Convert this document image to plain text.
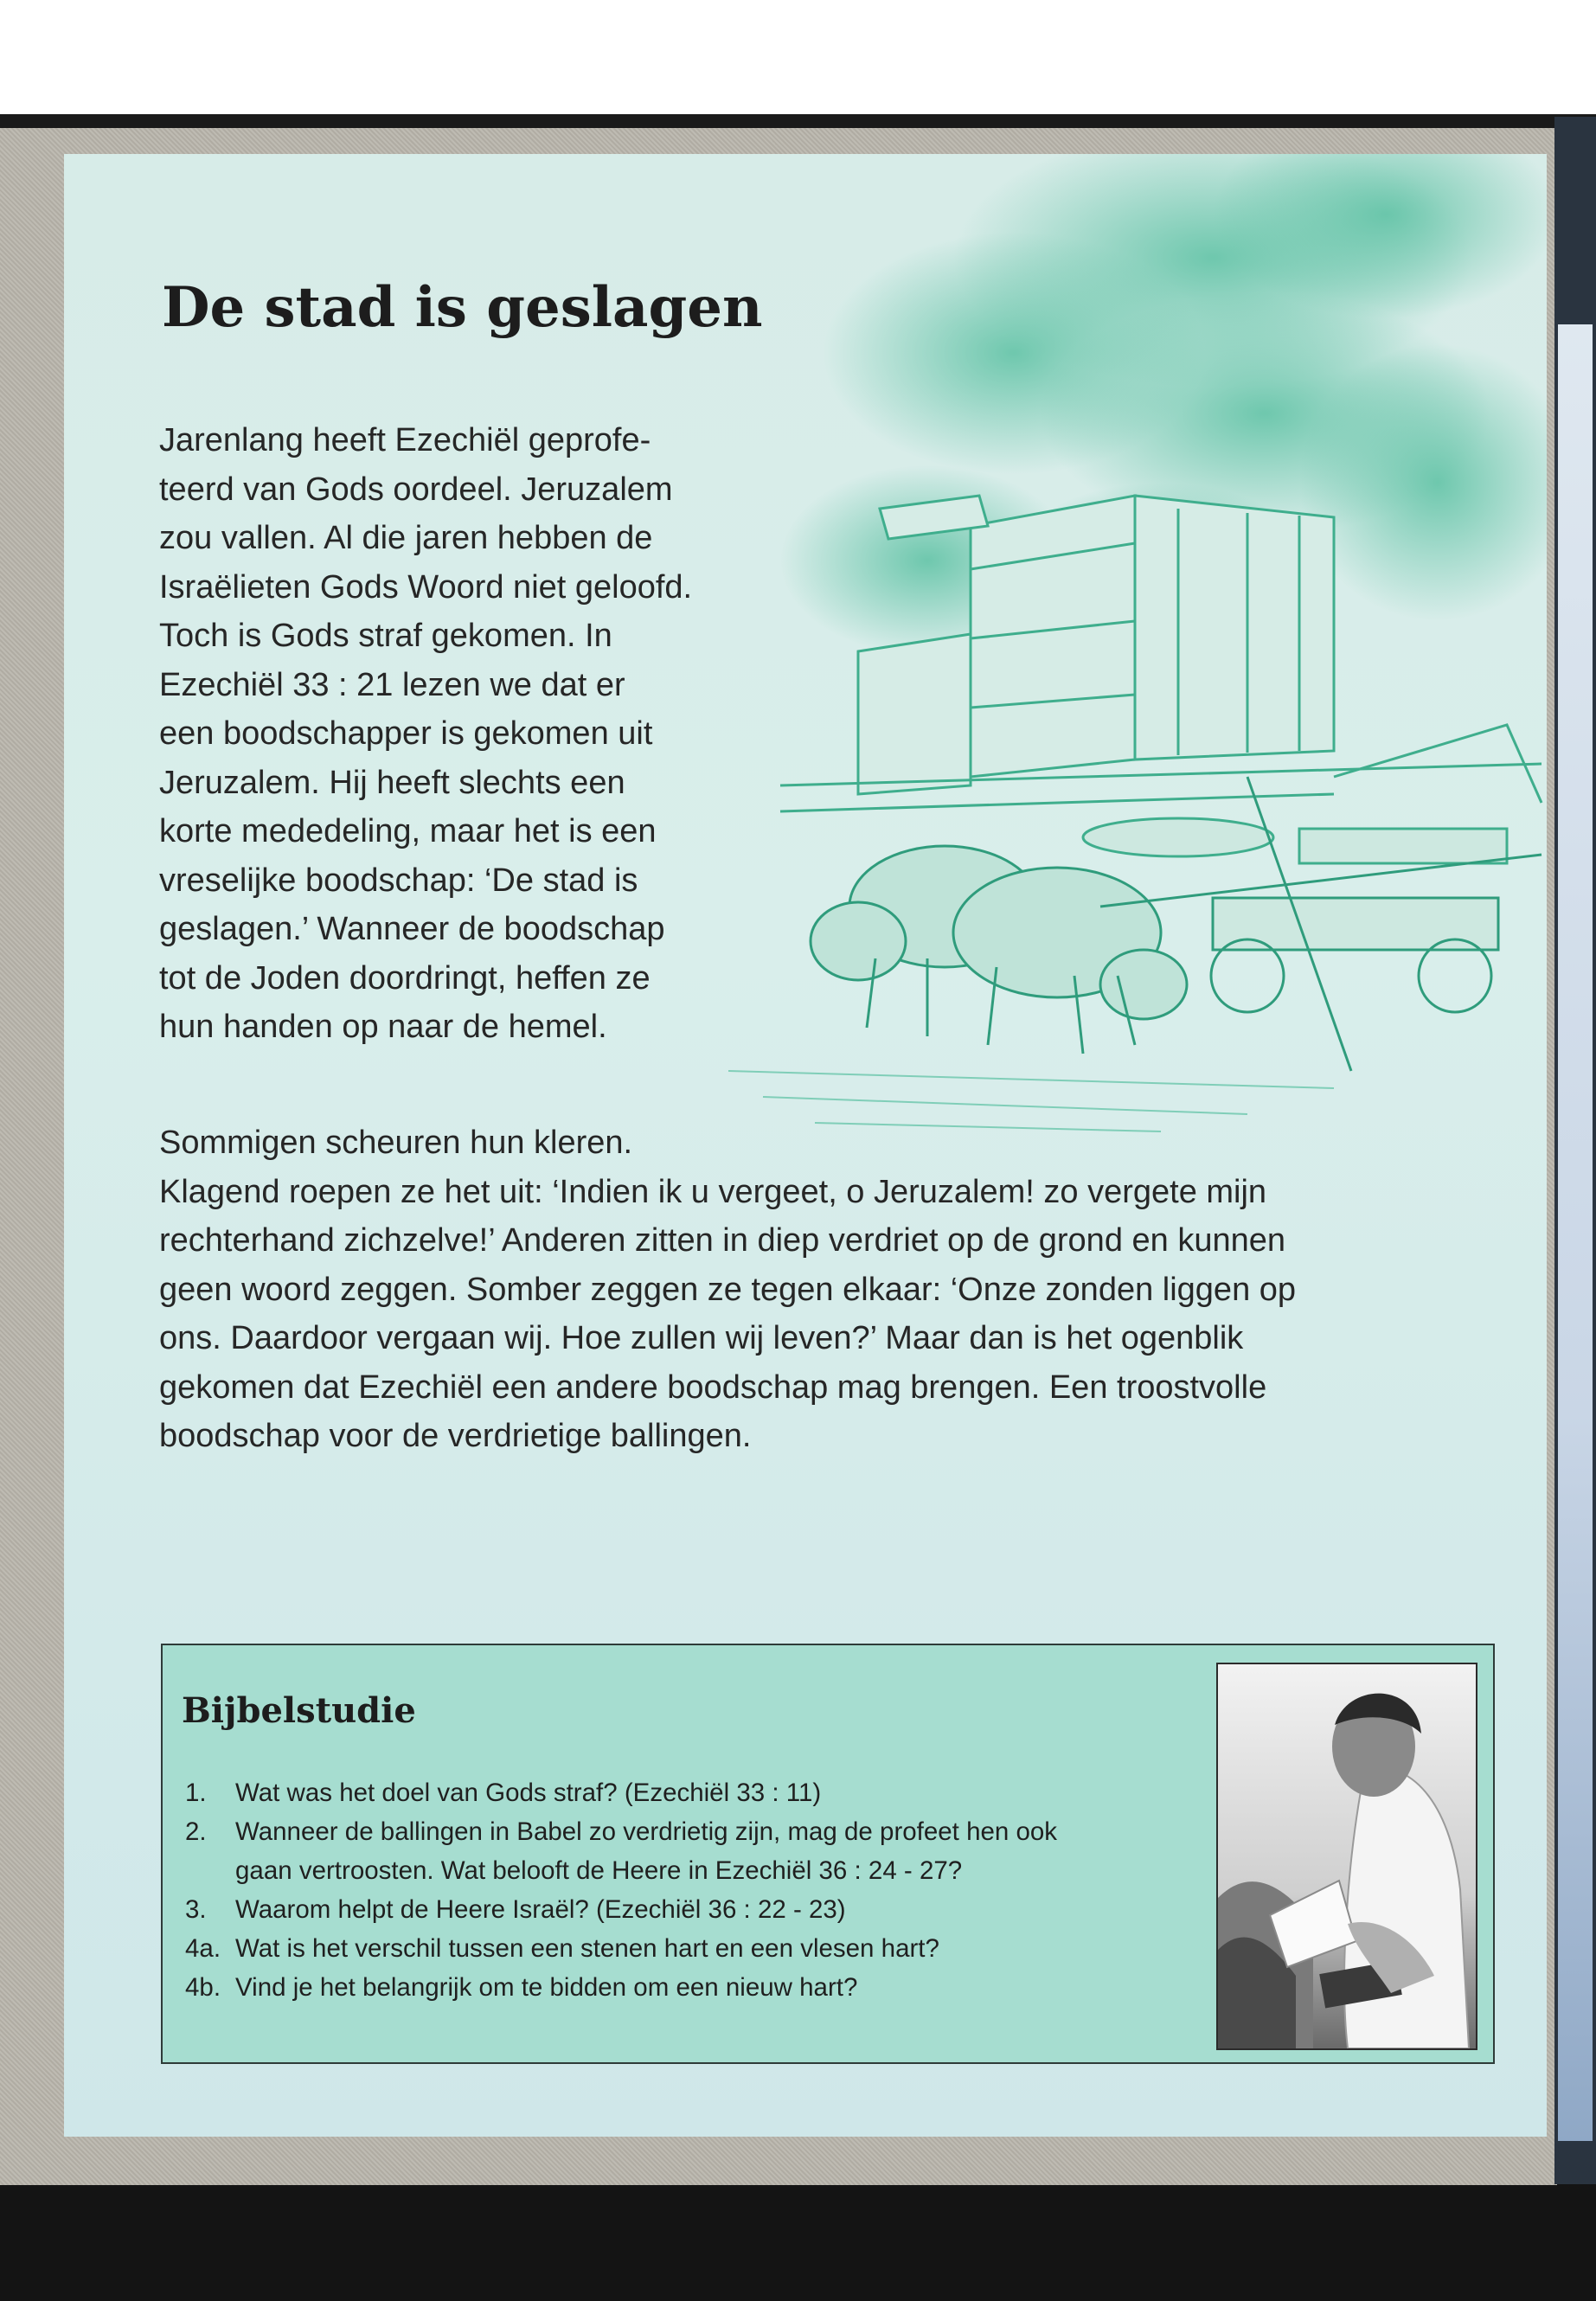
De stad is geslagen

Jarenlang heeft Ezechiël geprofe-
teerd van Gods oordeel. Jeruzalem
zou vallen. Al die jaren hebben de
Israëlieten Gods Woord niet geloofd.
Toch is Gods straf gekomen. In
Ezechiël 33 : 21 lezen we dat er
een boodschapper is gekomen uit
Jeruzalem. Hij heeft slechts een
korte mededeling, maar het is een
vreselijke boodschap: ‘De stad is
geslagen.’ Wanneer de boodschap
tot de Joden doordringt, heffen ze
hun handen op naar de hemel.

Sommigen scheuren hun kleren.
Klagend roepen ze het uit: ‘Indien ik u vergeet, o Jeruzalem! zo vergete mijn
rechterhand zichzelve!’ Anderen zitten in diep verdriet op de grond en kunnen
geen woord zeggen. Somber zeggen ze tegen elkaar: ‘Onze zonden liggen op
ons. Daardoor vergaan wij. Hoe zullen wij leven?’ Maar dan is het ogenblik
gekomen dat Ezechiël een andere boodschap mag brengen. Een troostvolle
boodschap voor de verdrietige ballingen.

Bijbelstudie
1. Wat was het doel van Gods straf? (Ezechiël 33 : 11)
2. Wanneer de ballingen in Babel zo verdrietig zijn, mag de profeet hen ook
gaan vertroosten. Wat belooft de Heere in Ezechiël 36 : 24 - 27?
3. Waarom helpt de Heere Israël? (Ezechiël 36 : 22 - 23)
4a. Wat is het verschil tussen een stenen hart en een vlesen hart?
4b. Vind je het belangrijk om te bidden om een nieuw hart?
